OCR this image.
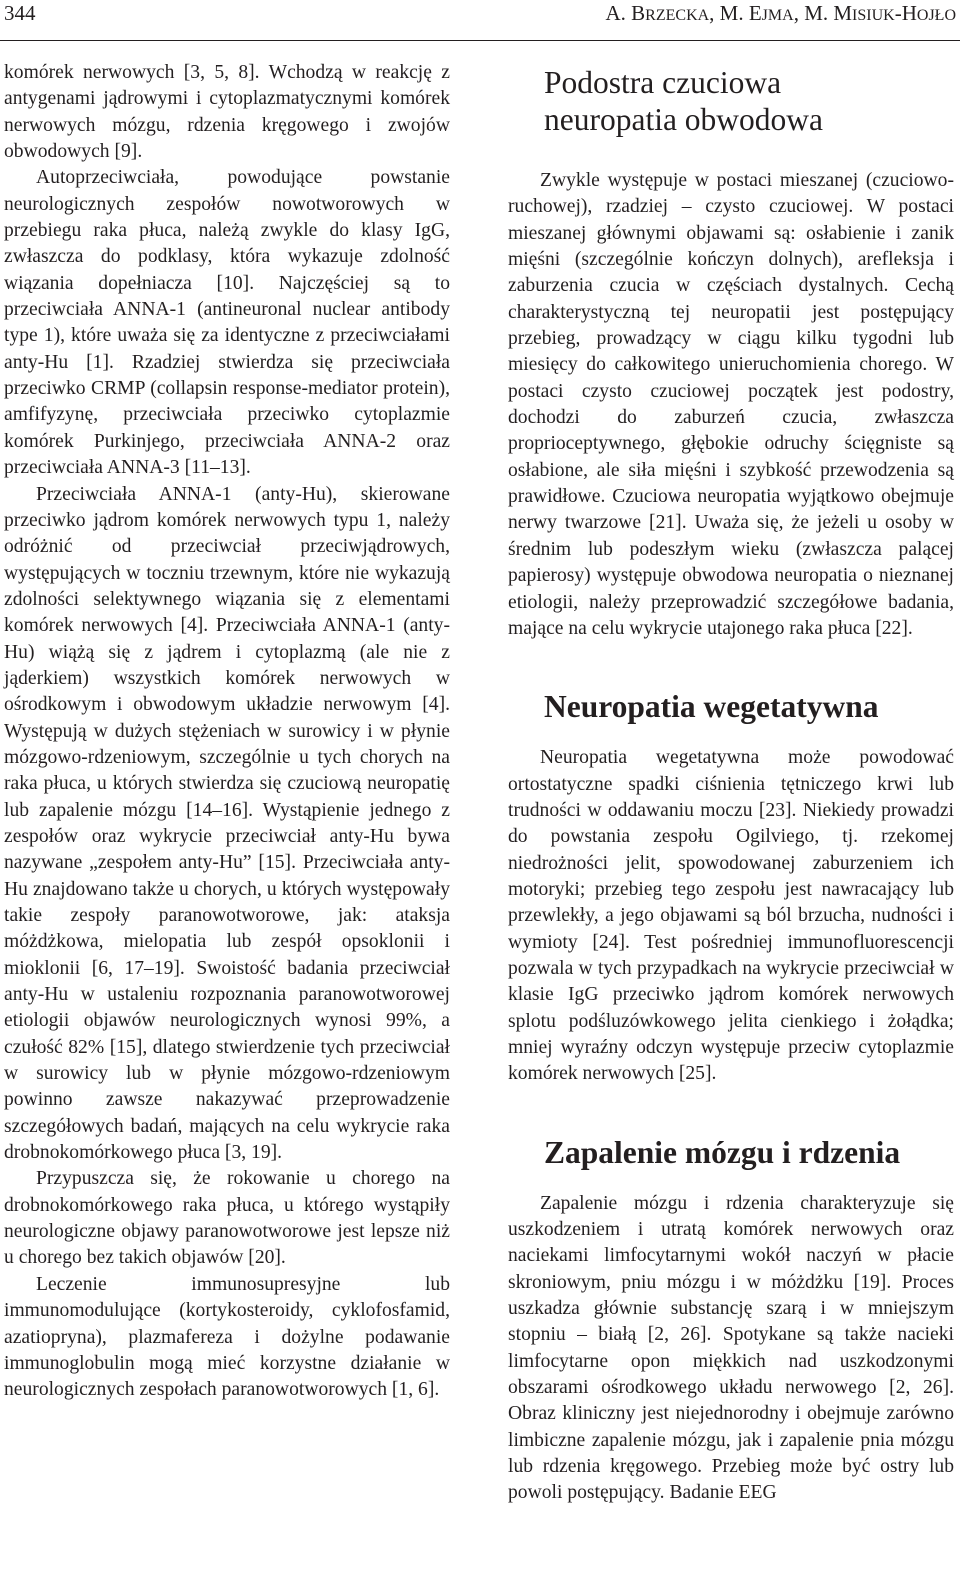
344	A. BRZECKA, M. EJMA, M. MISIUK-HOJŁO

komórek nerwowych [3, 5, 8]. Wchodzą w reakcję z antygenami jądrowymi i cytoplazmatycznymi komórek nerwowych mózgu, rdzenia kręgowego i zwojów obwodowych [9].

Autoprzeciwciała, powodujące powstanie neurologicznych zespołów nowotworowych w przebiegu raka płuca, należą zwykle do klasy IgG, zwłaszcza do podklasy, która wykazuje zdolność wiązania dopełniacza [10]. Najczęściej są to przeciwciała ANNA-1 (antineuronal nuclear antibody type 1), które uważa się za identyczne z przeciwciałami anty-Hu [1]. Rzadziej stwierdza się przeciwciała przeciwko CRMP (collapsin response-mediator protein), amfifyzynę, przeciwciała przeciwko cytoplazmie komórek Purkinjego, przeciwciała ANNA-2 oraz przeciwciała ANNA-3 [11–13].

Przeciwciała ANNA-1 (anty-Hu), skierowane przeciwko jądrom komórek nerwowych typu 1, należy odróżnić od przeciwciał przeciwjądrowych, występujących w toczniu trzewnym, które nie wykazują zdolności selektywnego wiązania się z elementami komórek nerwowych [4]. Przeciwciała ANNA-1 (anty-Hu) wiążą się z jądrem i cytoplazmą (ale nie z jąderkiem) wszystkich komórek nerwowych w ośrodkowym i obwodowym układzie nerwowym [4]. Występują w dużych stężeniach w surowicy i w płynie mózgowo-rdzeniowym, szczególnie u tych chorych na raka płuca, u których stwierdza się czuciową neuropatię lub zapalenie mózgu [14–16]. Wystąpienie jednego z zespołów oraz wykrycie przeciwciał anty-Hu bywa nazywane „zespołem anty-Hu” [15]. Przeciwciała anty-Hu znajdowano także u chorych, u których występowały takie zespoły paranowotworowe, jak: ataksja móżdżkowa, mielopatia lub zespół opsoklonii i mioklonii [6, 17–19]. Swoistość badania przeciwciał anty-Hu w ustaleniu rozpoznania paranowotworowej etiologii objawów neurologicznych wynosi 99%, a czułość 82% [15], dlatego stwierdzenie tych przeciwciał w surowicy lub w płynie mózgowo-rdzeniowym powinno zawsze nakazywać przeprowadzenie szczegółowych badań, mających na celu wykrycie raka drobnokomórkowego płuca [3, 19].

Przypuszcza się, że rokowanie u chorego na drobnokomórkowego raka płuca, u którego wystąpiły neurologiczne objawy paranowotworowe jest lepsze niż u chorego bez takich objawów [20].

Leczenie immunosupresyjne lub immunomodulujące (kortykosteroidy, cyklofosfamid, azatiopryna), plazmafereza i dożylne podawanie immunoglobulin mogą mieć korzystne działanie w neurologicznych zespołach paranowotworowych [1, 6].

Podostra czuciowa
neuropatia obwodowa

Zwykle występuje w postaci mieszanej (czuciowo-ruchowej), rzadziej – czysto czuciowej. W postaci mieszanej głównymi objawami są: osłabienie i zanik mięśni (szczególnie kończyn dolnych), arefleksja i zaburzenia czucia w częściach dystalnych. Cechą charakterystyczną tej neuropatii jest postępujący przebieg, prowadzący w ciągu kilku tygodni lub miesięcy do całkowitego unieruchomienia chorego. W postaci czysto czuciowej początek jest podostry, dochodzi do zaburzeń czucia, zwłaszcza proprioceptywnego, głębokie odruchy ścięgniste są osłabione, ale siła mięśni i szybkość przewodzenia są prawidłowe. Czuciowa neuropatia wyjątkowo obejmuje nerwy twarzowe [21]. Uważa się, że jeżeli u osoby w średnim lub podeszłym wieku (zwłaszcza palącej papierosy) występuje obwodowa neuropatia o nieznanej etiologii, należy przeprowadzić szczegółowe badania, mające na celu wykrycie utajonego raka płuca [22].

Neuropatia wegetatywna

Neuropatia wegetatywna może powodować ortostatyczne spadki ciśnienia tętniczego krwi lub trudności w oddawaniu moczu [23]. Niekiedy prowadzi do powstania zespołu Ogilviego, tj. rzekomej niedrożności jelit, spowodowanej zaburzeniem ich motoryki; przebieg tego zespołu jest nawracający lub przewlekły, a jego objawami są ból brzucha, nudności i wymioty [24]. Test pośredniej immunofluorescencji pozwala w tych przypadkach na wykrycie przeciwciał w klasie IgG przeciwko jądrom komórek nerwowych splotu podśluzówkowego jelita cienkiego i żołądka; mniej wyraźny odczyn występuje przeciw cytoplazmie komórek nerwowych [25].

Zapalenie mózgu i rdzenia

Zapalenie mózgu i rdzenia charakteryzuje się uszkodzeniem i utratą komórek nerwowych oraz naciekami limfocytarnymi wokół naczyń w płacie skroniowym, pniu mózgu i w móżdżku [19]. Proces uszkadza głównie substancję szarą i w mniejszym stopniu – białą [2, 26]. Spotykane są także nacieki limfocytarne opon miękkich nad uszkodzonymi obszarami ośrodkowego układu nerwowego [2, 26]. Obraz kliniczny jest niejednorodny i obejmuje zarówno limbiczne zapalenie mózgu, jak i zapalenie pnia mózgu lub rdzenia kręgowego. Przebieg może być ostry lub powoli postępujący. Badanie EEG
